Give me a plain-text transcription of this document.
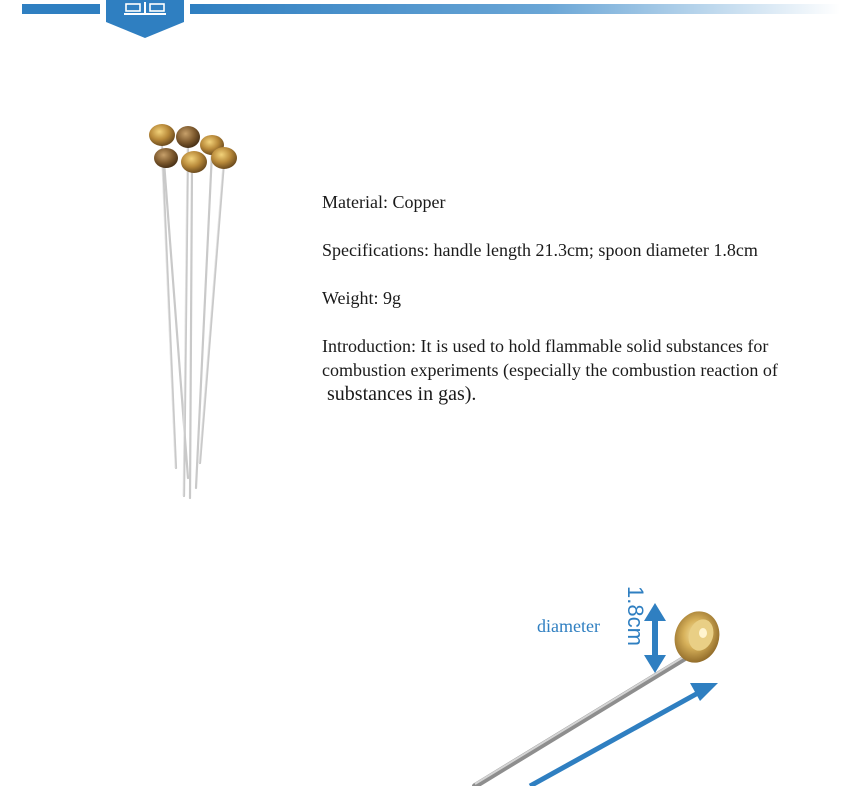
Material: Copper

Specifications: handle length 21.3cm; spoon diameter 1.8cm

Weight: 9g

Introduction: It is used to hold flammable solid substances for combustion experiments (especially the combustion reaction of
substances in gas).

diameter 1.8cm
